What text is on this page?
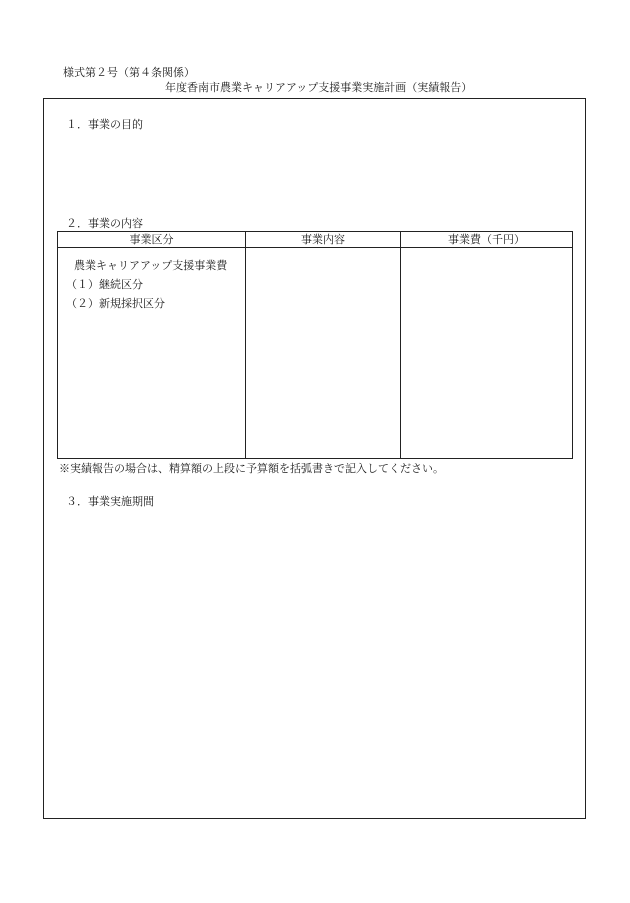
様式第２号（第４条関係）
年度香南市農業キャリアアップ支援事業実施計画（実績報告）
１．事業の目的
２．事業の内容
事業区分	事業内容	事業費（千円）

農業キャリアアップ支援事業費
（１）継続区分
（２）新規採択区分		

※実績報告の場合は、精算額の上段に予算額を括弧書きで記入してください。
３．事業実施期間
